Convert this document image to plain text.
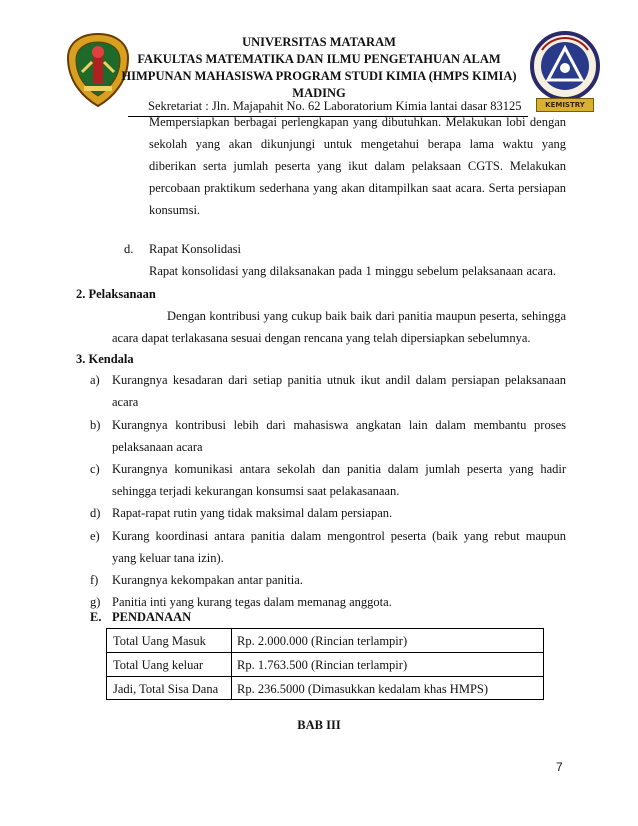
UNIVERSITAS MATARAM
FAKULTAS MATEMATIKA DAN ILMU PENGETAHUAN ALAM
HIMPUNAN MAHASISWA PROGRAM STUDI KIMIA (HMPS KIMIA)
MADING
Sekretariat : Jln. Majapahit No. 62 Laboratorium Kimia lantai dasar 83125	KEMISTRY
Mempersiapkan berbagai perlengkapan yang dibutuhkan. Melakukan lobi dengan
sekolah yang akan dikunjungi untuk mengetahui berapa lama waktu yang
diberikan serta jumlah peserta yang ikut dalam pelaksaan CGTS. Melakukan
percobaan praktikum sederhana yang akan ditampilkan saat acara. Serta persiapan
konsumsi.
d. Rapat Konsolidasi
Rapat konsolidasi yang dilaksanakan pada 1 minggu sebelum pelaksanaan acara.
2. Pelaksanaan
Dengan kontribusi yang cukup baik baik dari panitia maupun peserta, sehingga
acara dapat terlakasana sesuai dengan rencana yang telah dipersiapkan sebelumnya.
3. Kendala
a) Kurangnya kesadaran dari setiap panitia utnuk ikut andil dalam persiapan pelaksanaan
acara
b) Kurangnya kontribusi lebih dari mahasiswa angkatan lain dalam membantu proses
pelaksanaan acara
c) Kurangnya komunikasi antara sekolah dan panitia dalam jumlah peserta yang hadir
sehingga terjadi kekurangan konsumsi saat pelakasanaan.
d) Rapat-rapat rutin yang tidak maksimal dalam persiapan.
e) Kurang koordinasi antara panitia dalam mengontrol peserta (baik yang rebut maupun
yang keluar tana izin).
f) Kurangnya kekompakan antar panitia.
g) Panitia inti yang kurang tegas dalam memanag anggota.
E. PENDANAAN
Total Uang Masuk Rp. 2.000.000 (Rincian terlampir)
Total Uang keluar	Rp. 1.763.500 (Rincian terlampir)
Jadi, Total Sisa Dana Rp. 236.5000 (Dimasukkan kedalam khas HMPS)
BAB III
7
